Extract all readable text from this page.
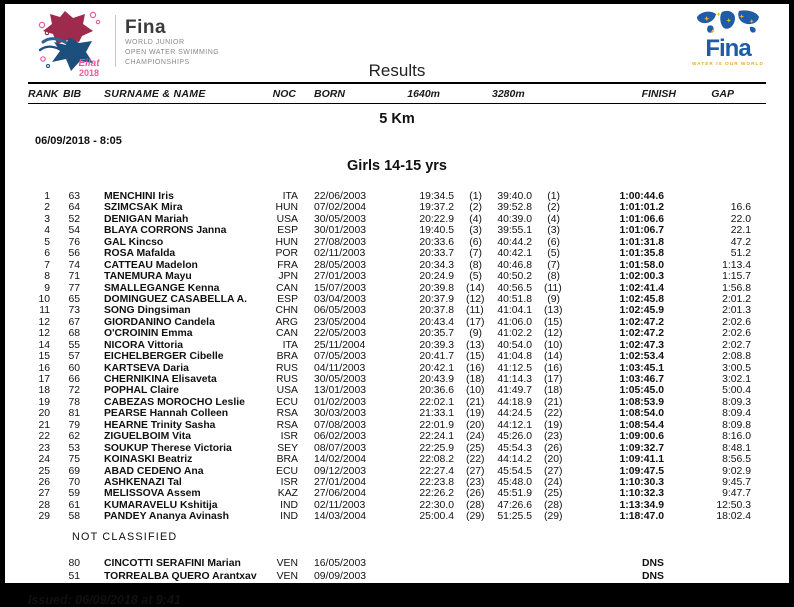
Eilat
2018
Fina
WORLD JUNIOR
OPEN WATER SWIMMING
CHAMPIONSHIPS
Fina
WATER IS OUR WORLD
Results
RANK BIB	SURNAME & NAME	NOC	BORN	1640m	3280m	FINISH	GAP
5 Km
06/09/2018 - 8:05
Girls 14-15 yrs
1	63	MENCHINI Iris	ITA	22/06/2003	19:34.5	(1)	39:40.0	(1)	1:00:44.6
2	64	SZIMCSAK Mira	HUN	07/02/2004	19:37.2	(2)	39:52.8	(2)	1:01:01.2	16.6
3	52	DENIGAN Mariah	USA	30/05/2003	20:22.9	(4)	40:39.0	(4)	1:01:06.6	22.0
4	54	BLAYA CORRONS Janna	ESP	30/01/2003	19:40.5	(3)	39:55.1	(3)	1:01:06.7	22.1
5	76	GAL Kincso	HUN	27/08/2003	20:33.6	(6)	40:44.2	(6)	1:01:31.8	47.2
6	56	ROSA Mafalda	POR	02/11/2003	20:33.7	(7)	40:42.1	(5)	1:01:35.8	51.2
7	74	CATTEAU Madelon	FRA	28/05/2003	20:34.3	(8)	40:46.8	(7)	1:01:58.0	1:13.4
8	71	TANEMURA Mayu	JPN	27/01/2003	20:24.9	(5)	40:50.2	(8)	1:02:00.3	1:15.7
9	77	SMALLEGANGE Kenna	CAN	15/07/2003	20:39.8	(14)	40:56.5	(11)	1:02:41.4	1:56.8
10	65	DOMINGUEZ CASABELLA A.	ESP	03/04/2003	20:37.9	(12)	40:51.8	(9)	1:02:45.8	2:01.2
11	73	SONG Dingsiman	CHN	06/05/2003	20:37.8	(11)	41:04.1	(13)	1:02:45.9	2:01.3
12	67	GIORDANINO Candela	ARG	23/05/2004	20:43.4	(17)	41:06.0	(15)	1:02:47.2	2:02.6
12	68	O'CROININ Emma	CAN	22/05/2003	20:35.7	(9)	41:02.2	(12)	1:02:47.2	2:02.6
14	55	NICORA Vittoria	ITA	25/11/2004	20:39.3	(13)	40:54.0	(10)	1:02:47.3	2:02.7
15	57	EICHELBERGER Cibelle	BRA	07/05/2003	20:41.7	(15)	41:04.8	(14)	1:02:53.4	2:08.8
16	60	KARTSEVA Daria	RUS	04/11/2003	20:42.1	(16)	41:12.5	(16)	1:03:45.1	3:00.5
17	66	CHERNIKINA Elisaveta	RUS	30/05/2003	20:43.9	(18)	41:14.3	(17)	1:03:46.7	3:02.1
18	72	POPHAL Claire	USA	13/01/2003	20:36.6	(10)	41:49.7	(18)	1:05:45.0	5:00.4
19	78	CABEZAS MOROCHO Leslie	ECU	01/02/2003	22:02.1	(21)	44:18.9	(21)	1:08:53.9	8:09.3
20	81	PEARSE Hannah Colleen	RSA	30/03/2003	21:33.1	(19)	44:24.5	(22)	1:08:54.0	8:09.4
21	79	HEARNE Trinity Sasha	RSA	07/08/2003	22:01.9	(20)	44:12.1	(19)	1:08:54.4	8:09.8
22	62	ZIGUELBOIM Vita	ISR	06/02/2003	22:24.1	(24)	45:26.0	(23)	1:09:00.6	8:16.0
23	53	SOUKUP Therese Victoria	SEY	08/07/2003	22:25.9	(25)	45:54.3	(26)	1:09:32.7	8:48.1
24	75	KOINASKI Beatriz	BRA	14/02/2004	22:08.2	(22)	44:14.2	(20)	1:09:41.1	8:56.5
25	69	ABAD CEDENO Ana	ECU	09/12/2003	22:27.4	(27)	45:54.5	(27)	1:09:47.5	9:02.9
26	70	ASHKENAZI Tal	ISR	27/01/2004	22:23.8	(23)	45:48.0	(24)	1:10:30.3	9:45.7
27	59	MELISSOVA Assem	KAZ	27/06/2004	22:26.2	(26)	45:51.9	(25)	1:10:32.3	9:47.7
28	61	KUMARAVELU Kshitija	IND	02/11/2003	22:30.0	(28)	47:26.6	(28)	1:13:34.9	12:50.3
29	58	PANDEY Ananya Avinash	IND	14/03/2004	25:00.4	(29)	51:25.5	(29)	1:18:47.0	18:02.4
NOT CLASSIFIED
80	CINCOTTI SERAFINI Marian	VEN	16/05/2003	DNS
51	TORREALBA QUERO Arantxav	VEN	09/09/2003	DNS
Issued: 06/09/2018 at 9:41
